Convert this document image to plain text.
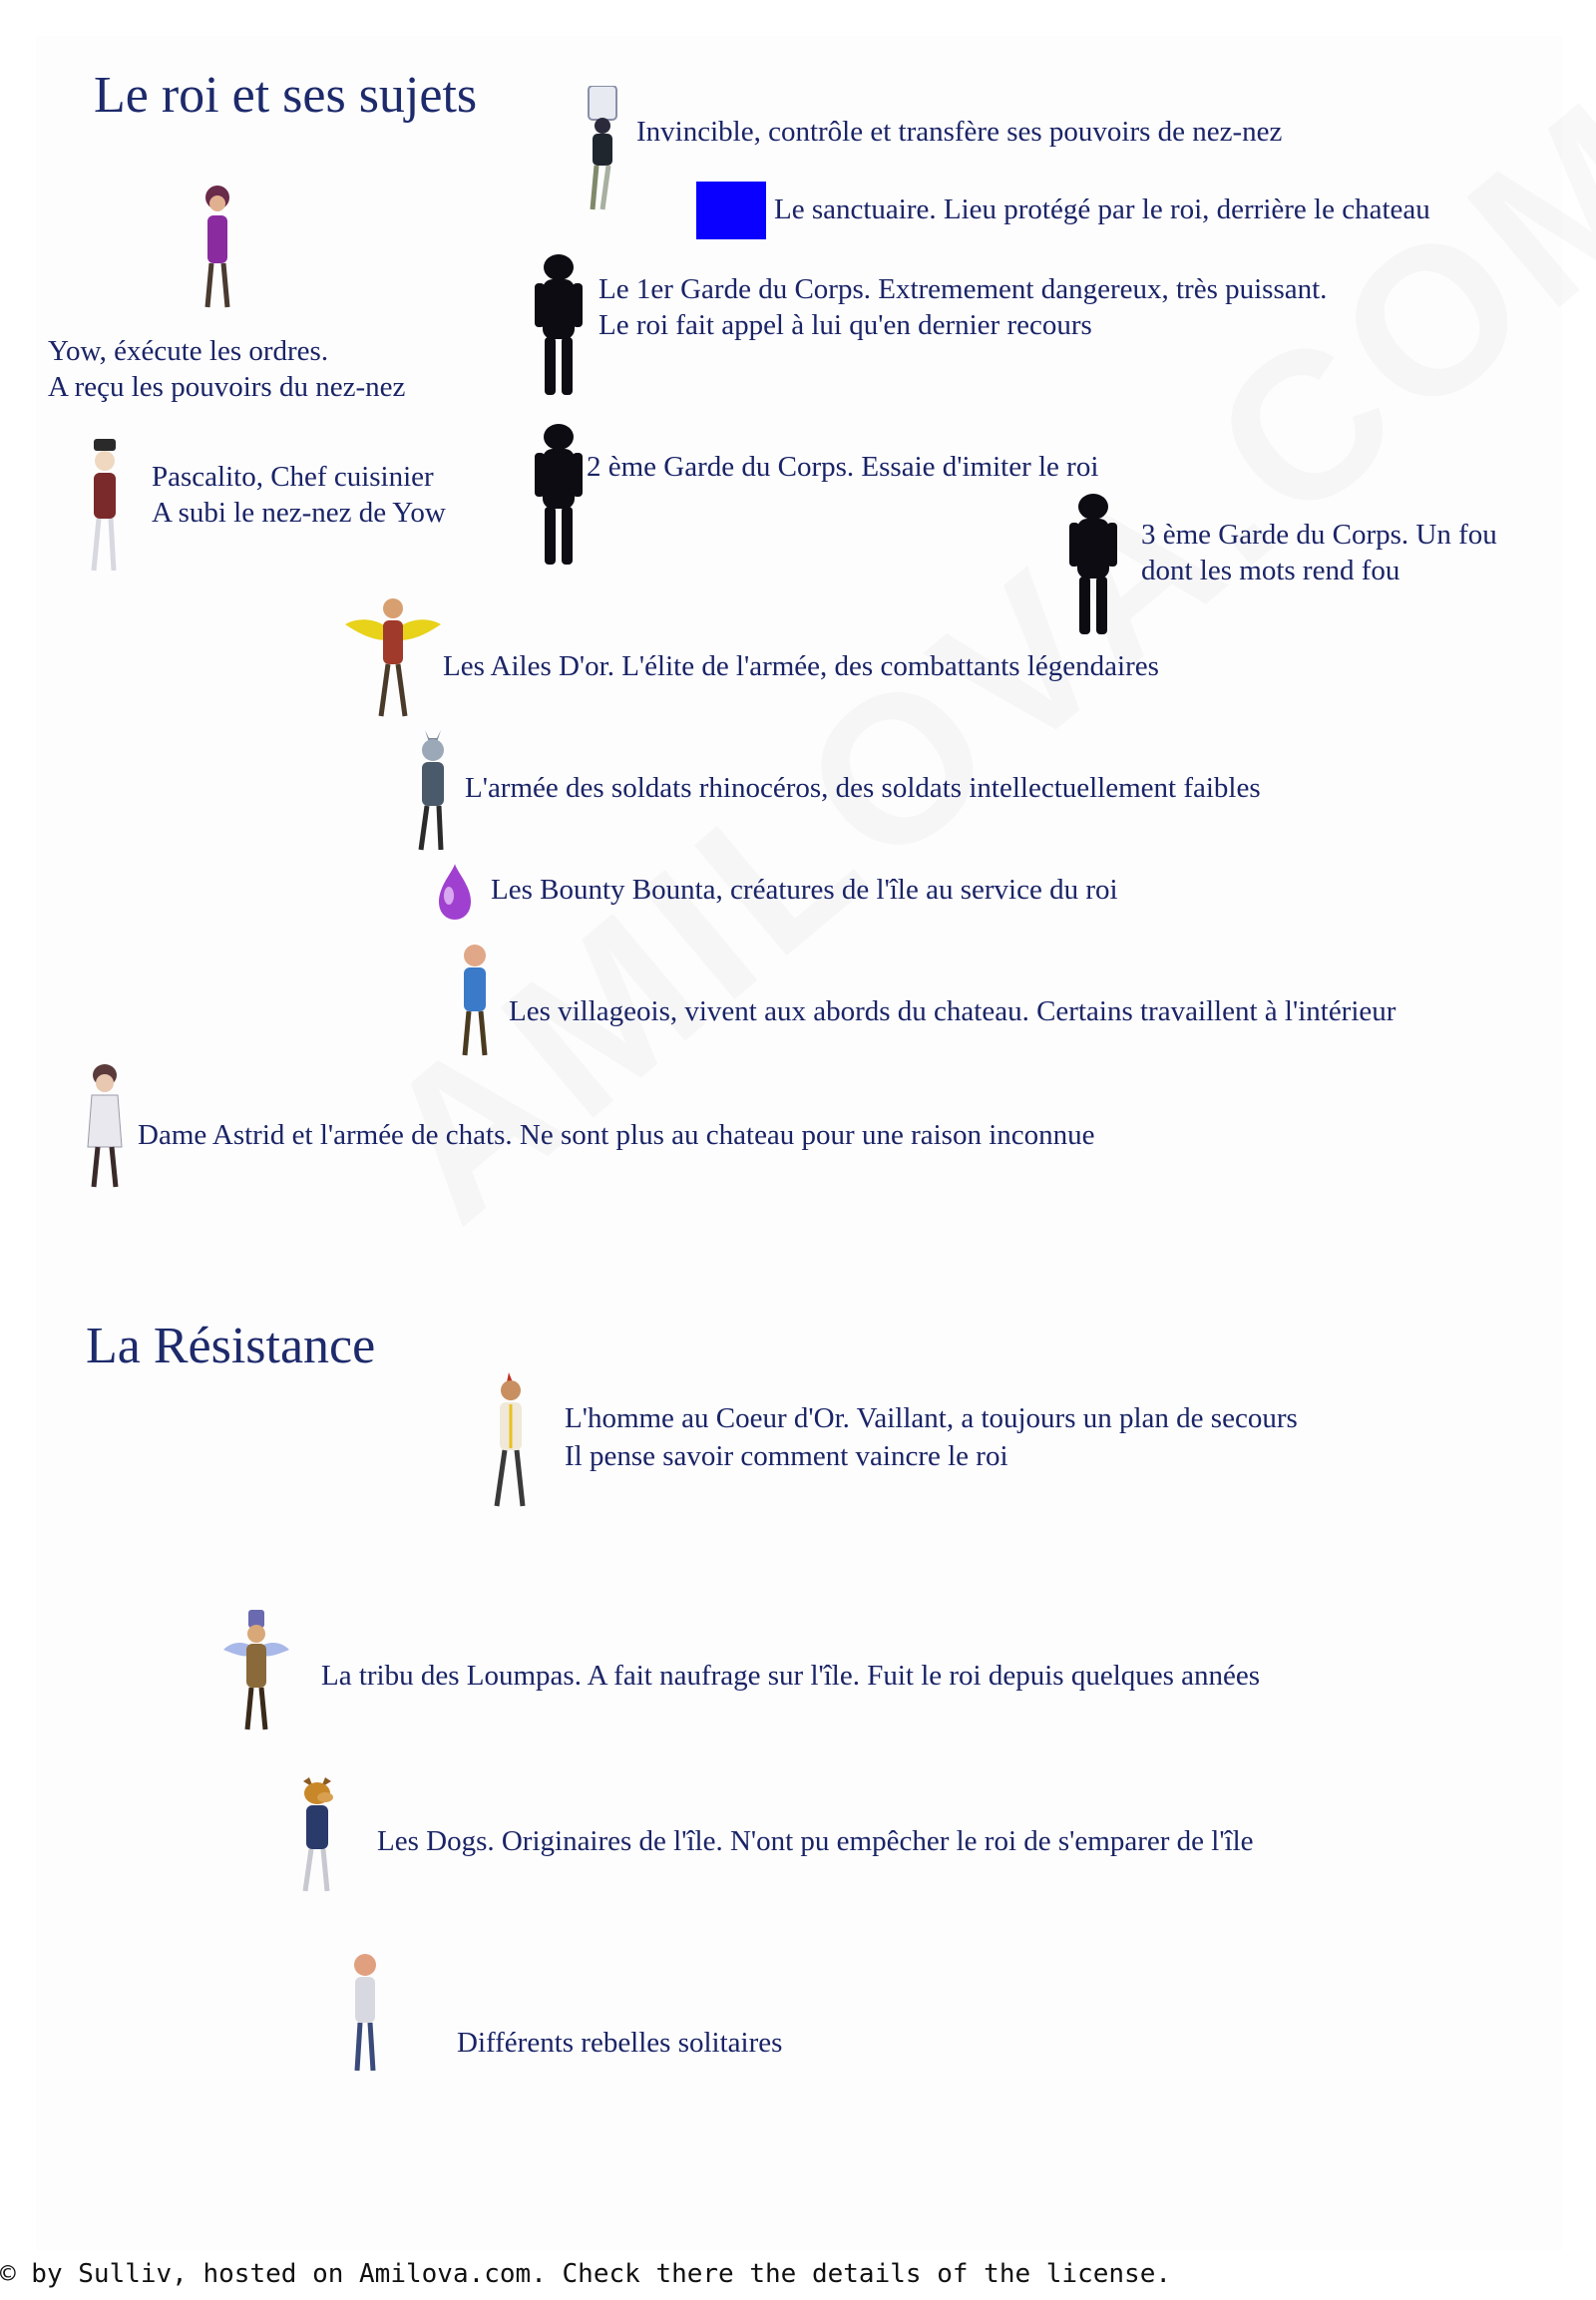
Le roi et ses sujets
Invincible, contrôle et transfère ses pouvoirs de nez-nez
Le sanctuaire. Lieu protégé par le roi, derrière le chateau
Yow, éxécute les ordres.
A reçu les pouvoirs du nez-nez
Le 1er Garde du Corps. Extremement dangereux, très puissant.
Le roi fait appel à lui qu'en dernier recours
Pascalito, Chef cuisinier
A subi le nez-nez de Yow
2 ème Garde du Corps. Essaie d'imiter le roi
3 ème Garde du Corps. Un fou
dont les mots rend fou
Les Ailes D'or. L'élite de l'armée, des combattants légendaires
L'armée des soldats rhinocéros, des soldats intellectuellement faibles
Les Bounty Bounta, créatures de l'île au service du roi
Les villageois, vivent aux abords du chateau. Certains travaillent à l'intérieur
Dame Astrid et l'armée de chats. Ne sont plus au chateau pour une raison inconnue
La Résistance
L'homme au Coeur d'Or. Vaillant, a toujours un plan de secours
Il pense savoir comment vaincre le roi
La tribu des Loumpas. A fait naufrage sur l'île. Fuit le roi depuis quelques années
Les Dogs. Originaires de l'île. N'ont pu empêcher le roi de s'emparer de l'île
Différents rebelles solitaires
© by Sulliv, hosted on Amilova.com. Check there the details of the license.
